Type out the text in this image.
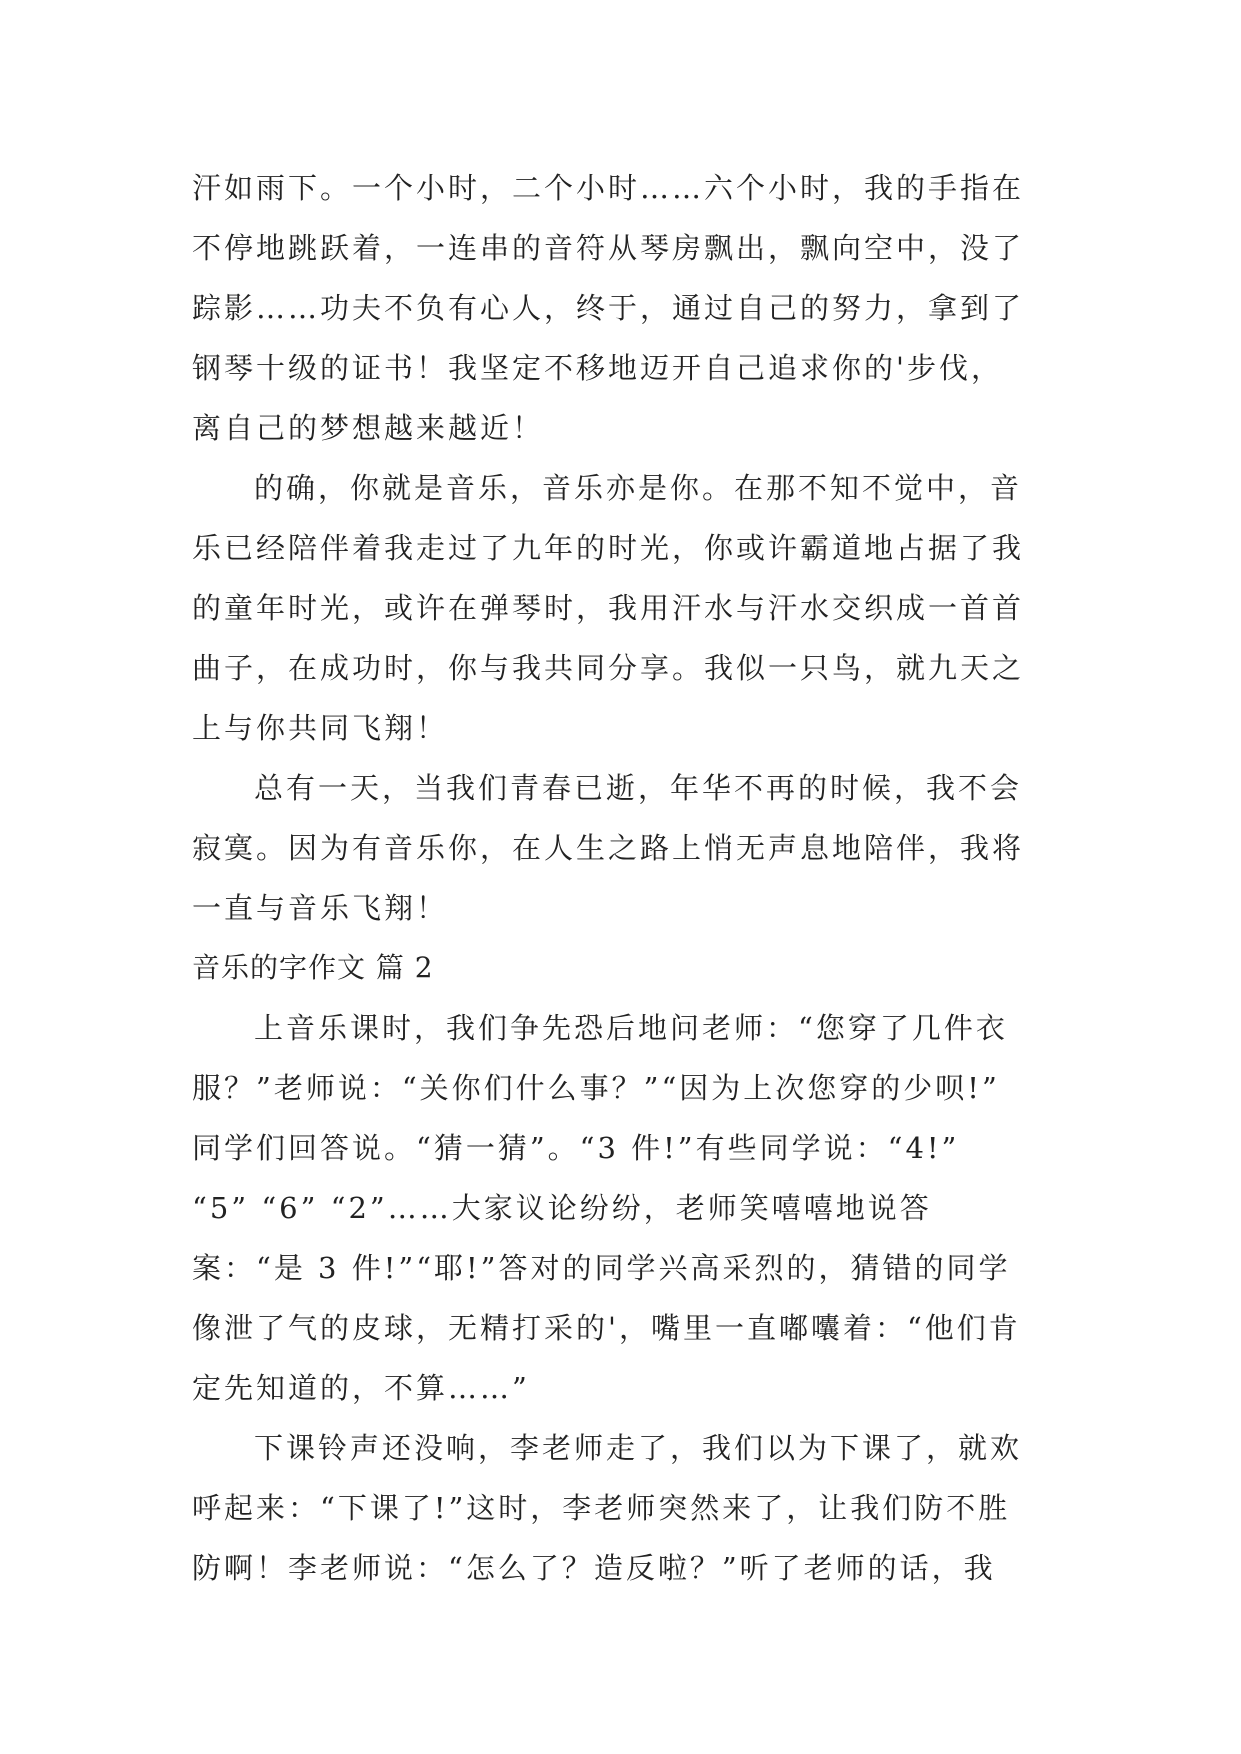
汗如雨下。一个小时，二个小时……六个小时，我的手指在
不停地跳跃着，一连串的音符从琴房飘出，飘向空中，没了
踪影……功夫不负有心人，终于，通过自己的努力，拿到了
钢琴十级的证书！我坚定不移地迈开自己追求你的'步伐，
离自己的梦想越来越近！
的确，你就是音乐，音乐亦是你。在那不知不觉中，音
乐已经陪伴着我走过了九年的时光，你或许霸道地占据了我
的童年时光，或许在弹琴时，我用汗水与汗水交织成一首首
曲子，在成功时，你与我共同分享。我似一只鸟，就九天之
上与你共同飞翔！
总有一天，当我们青春已逝，年华不再的时候，我不会
寂寞。因为有音乐你，在人生之路上悄无声息地陪伴，我将
一直与音乐飞翔！
音乐的字作文 篇 2
上音乐课时，我们争先恐后地问老师：“您穿了几件衣
服？”老师说：“关你们什么事？”“因为上次您穿的少呗!”
同学们回答说。“猜一猜”。“3 件!”有些同学说：“4!”
“5” “6” “2”……大家议论纷纷，老师笑嘻嘻地说答
案：“是 3 件!”“耶!”答对的同学兴高采烈的，猜错的同学
像泄了气的皮球，无精打采的'，嘴里一直嘟囔着：“他们肯
定先知道的，不算……”
下课铃声还没响，李老师走了，我们以为下课了，就欢
呼起来：“下课了!”这时，李老师突然来了，让我们防不胜
防啊！李老师说：“怎么了？造反啦？”听了老师的话，我
